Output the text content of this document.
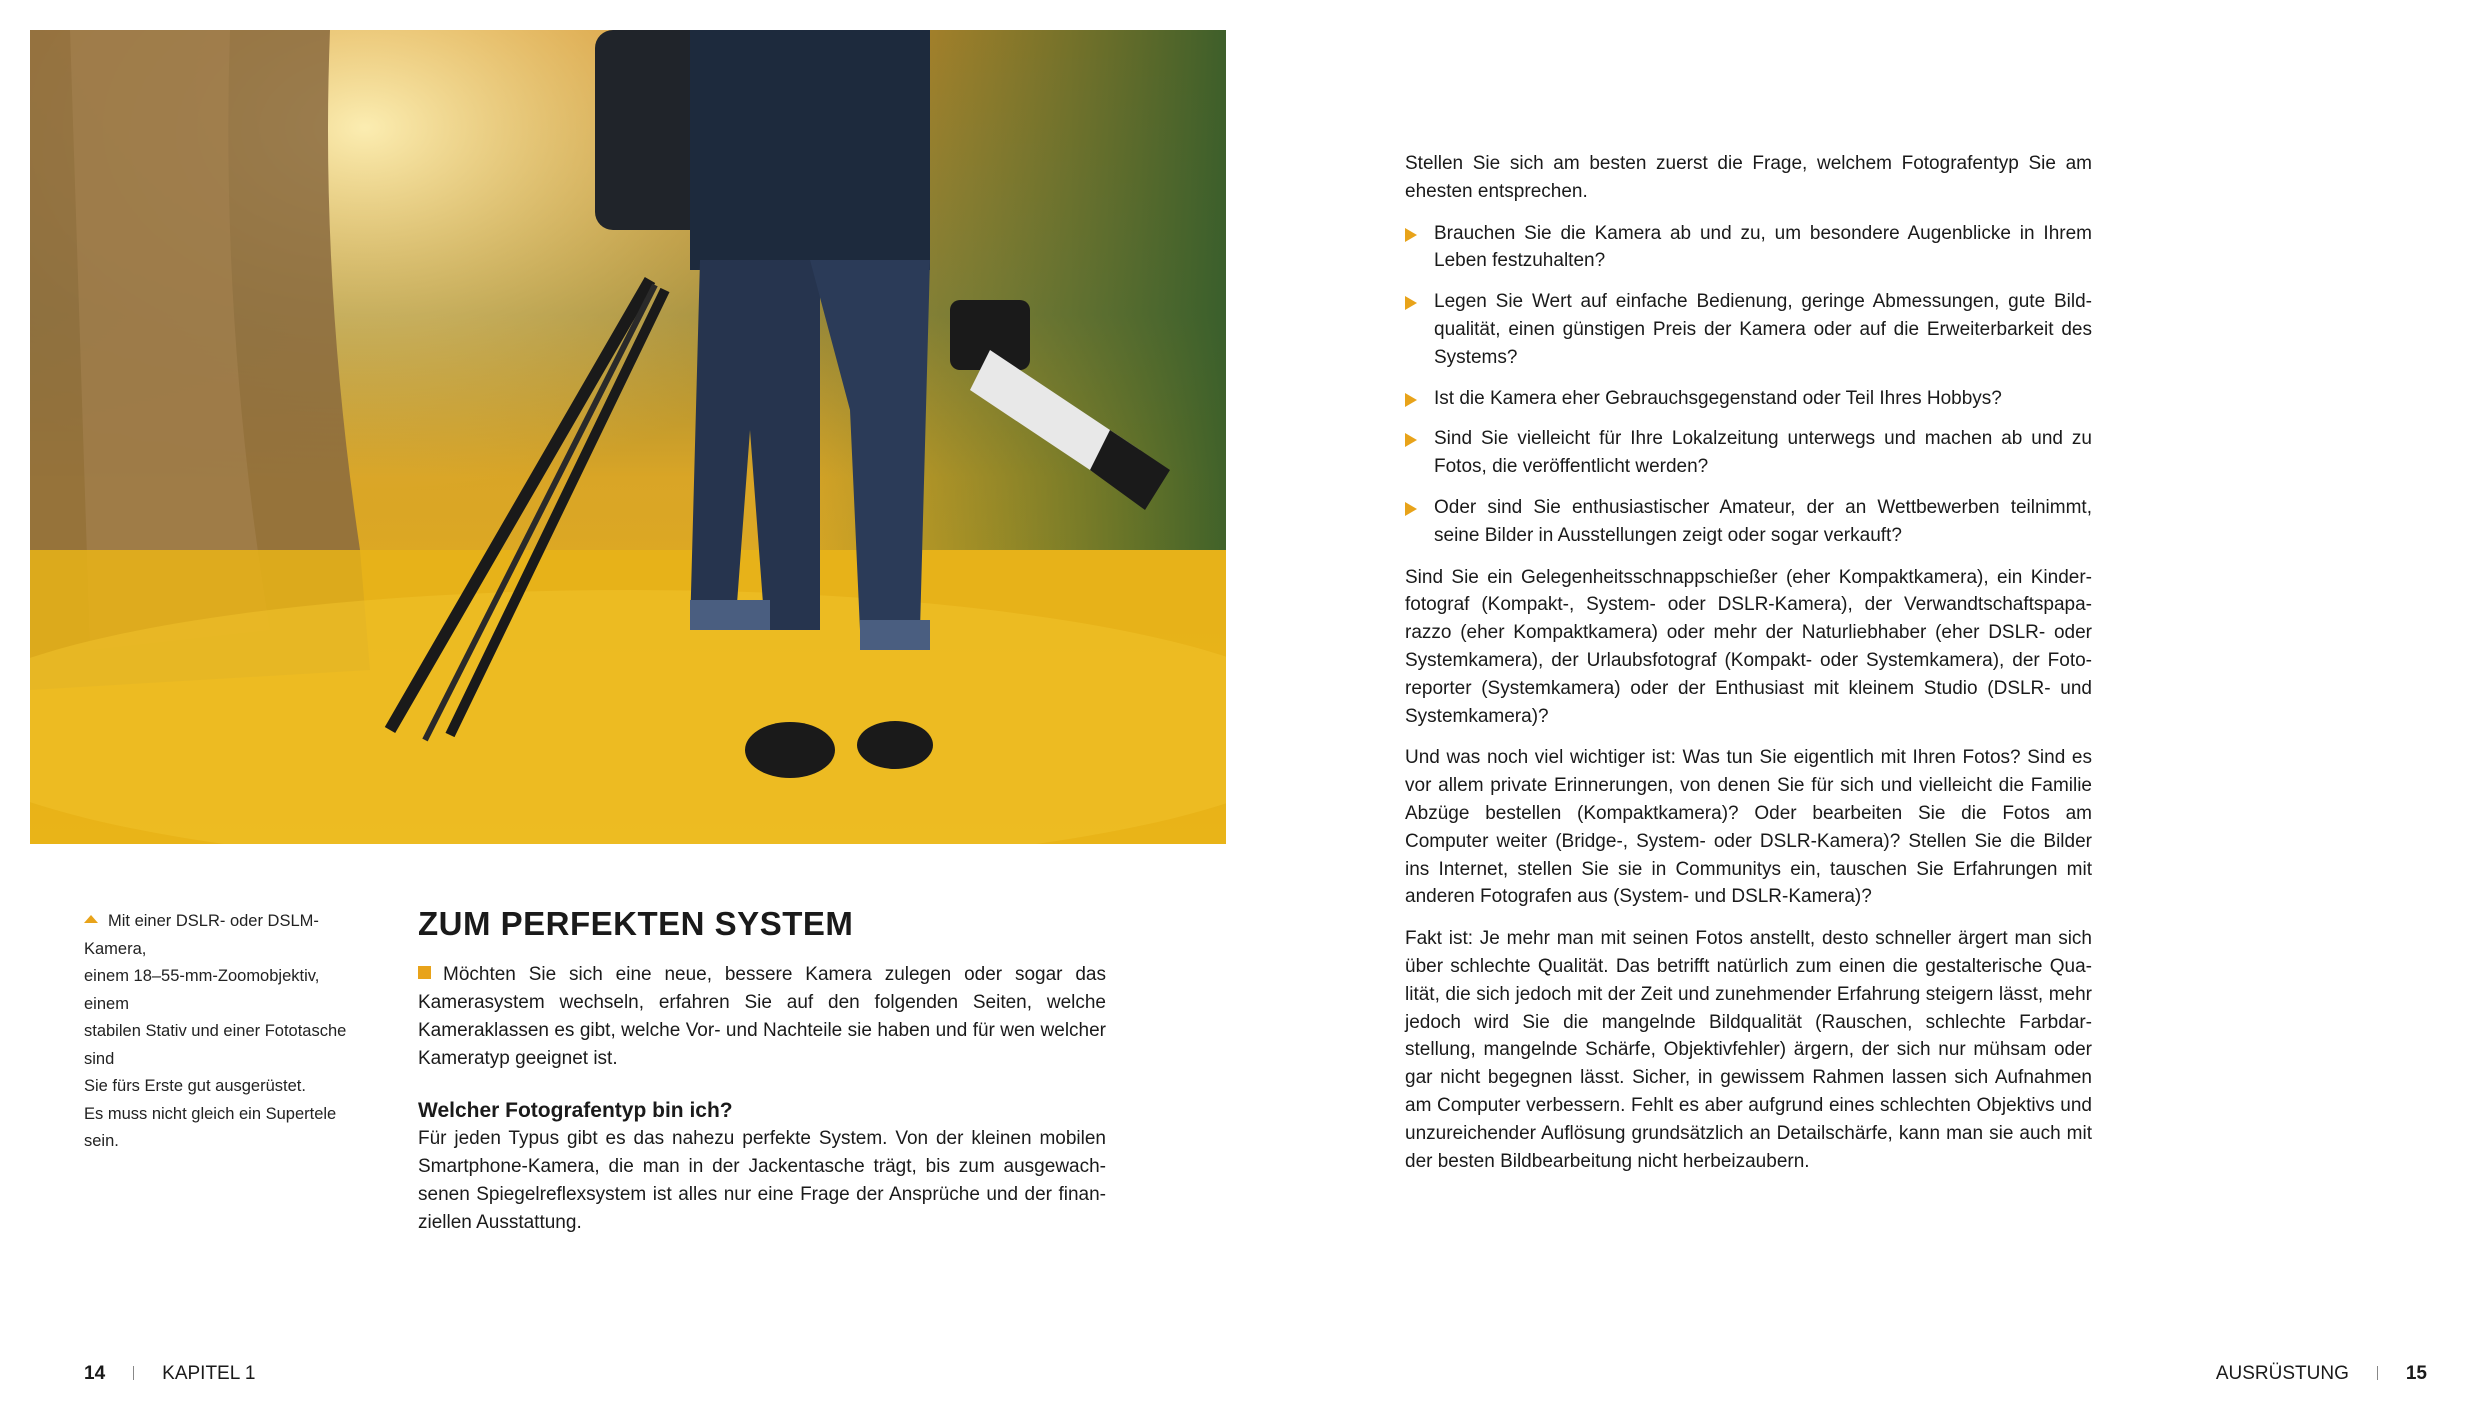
Mit einer DSLR- oder DSLM-Kamera,

einem 18–55-mm-Zoomobjektiv, einem

stabilen Stativ und einer Fototasche sind

Sie fürs Erste gut ausgerüstet.

Es muss nicht gleich ein Supertele sein.

ZUM PERFEKTEN SYSTEM

Möchten Sie sich eine neue, bessere Kamera zulegen oder sogar das Kamerasystem wechseln, erfahren Sie auf den folgenden Seiten, welche Kameraklassen es gibt, welche Vor- und Nachteile sie haben und für wen welcher Kameratyp geeignet ist.

Welcher Fotografentyp bin ich?

Für jeden Typus gibt es das nahezu perfekte System. Von der kleinen mobilen Smartphone-Kamera, die man in der Jackentasche trägt, bis zum ausgewachsenen Spiegelreflexsystem ist alles nur eine Frage der Ansprüche und der finanziellen Ausstattung.

Stellen Sie sich am besten zuerst die Frage, welchem Fotografentyp Sie am ehesten entsprechen.

Brauchen Sie die Kamera ab und zu, um besondere Augenblicke in Ihrem Leben festzuhalten?
Legen Sie Wert auf einfache Bedienung, geringe Abmessungen, gute Bildqualität, einen günstigen Preis der Kamera oder auf die Erweiterbarkeit des Systems?
Ist die Kamera eher Gebrauchsgegenstand oder Teil Ihres Hobbys?
Sind Sie vielleicht für Ihre Lokalzeitung unterwegs und machen ab und zu Fotos, die veröffentlicht werden?
Oder sind Sie enthusiastischer Amateur, der an Wettbewerben teilnimmt, seine Bilder in Ausstellungen zeigt oder sogar verkauft?

Sind Sie ein Gelegenheitsschnappschießer (eher Kompaktkamera), ein Kinderfotograf (Kompakt-, System- oder DSLR-Kamera), der Verwandtschaftspaparazzo (eher Kompaktkamera) oder mehr der Naturliebhaber (eher DSLR- oder Systemkamera), der Urlaubsfotograf (Kompakt- oder Systemkamera), der Fotoreporter (Systemkamera) oder der Enthusiast mit kleinem Studio (DSLR- und Systemkamera)?

Und was noch viel wichtiger ist: Was tun Sie eigentlich mit Ihren Fotos? Sind es vor allem private Erinnerungen, von denen Sie für sich und vielleicht die Familie Abzüge bestellen (Kompaktkamera)? Oder bearbeiten Sie die Fotos am Computer weiter (Bridge-, System- oder DSLR-Kamera)? Stellen Sie die Bilder ins Internet, stellen Sie sie in Communitys ein, tauschen Sie Erfahrungen mit anderen Fotografen aus (System- und DSLR-Kamera)?

Fakt ist: Je mehr man mit seinen Fotos anstellt, desto schneller ärgert man sich über schlechte Qualität. Das betrifft natürlich zum einen die gestalterische Qualität, die sich jedoch mit der Zeit und zunehmender Erfahrung steigern lässt, mehr jedoch wird Sie die mangelnde Bildqualität (Rauschen, schlechte Farbdarstellung, mangelnde Schärfe, Objektivfehler) ärgern, der sich nur mühsam oder gar nicht begegnen lässt. Sicher, in gewissem Rahmen lassen sich Aufnahmen am Computer verbessern. Fehlt es aber aufgrund eines schlechten Objektivs und unzureichender Auflösung grundsätzlich an Detailschärfe, kann man sie auch mit der besten Bildbearbeitung nicht herbeizaubern.

14	KAPITEL 1	AUSRÜSTUNG	15
